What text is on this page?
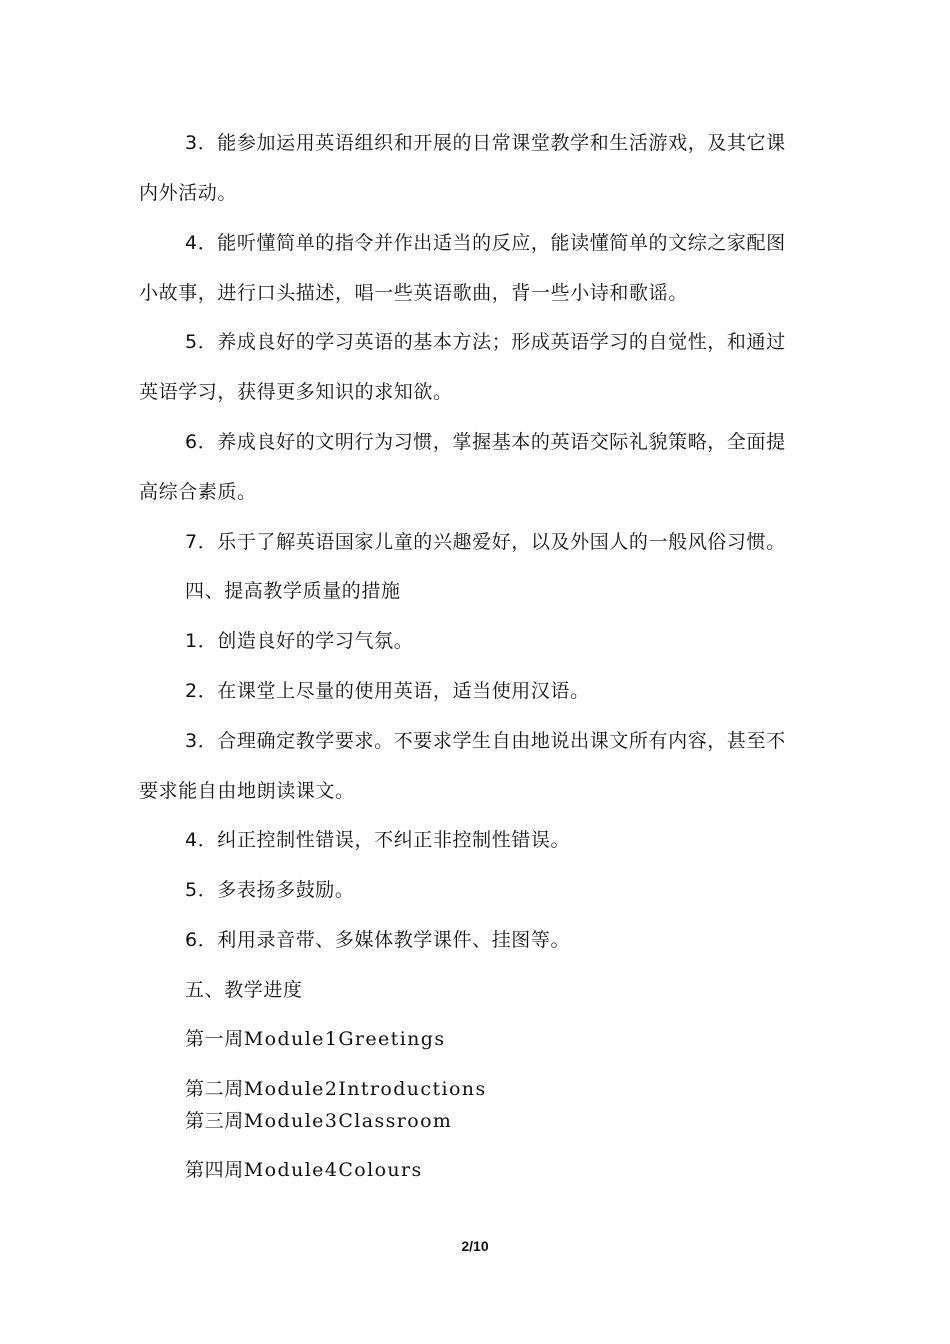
3．能参加运用英语组织和开展的日常课堂教学和生活游戏，及其它课
内外活动。
4．能听懂简单的指令并作出适当的反应，能读懂简单的文综之家配图
小故事，进行口头描述，唱一些英语歌曲，背一些小诗和歌谣。
5．养成良好的学习英语的基本方法；形成英语学习的自觉性，和通过
英语学习，获得更多知识的求知欲。
6．养成良好的文明行为习惯，掌握基本的英语交际礼貌策略，全面提
高综合素质。
7．乐于了解英语国家儿童的兴趣爱好，以及外国人的一般风俗习惯。
四、提高教学质量的措施
1．创造良好的学习气氛。
2．在课堂上尽量的使用英语，适当使用汉语。
3．合理确定教学要求。不要求学生自由地说出课文所有内容，甚至不
要求能自由地朗读课文。
4．纠正控制性错误，不纠正非控制性错误。
5．多表扬多鼓励。
6．利用录音带、多媒体教学课件、挂图等。
五、教学进度
第一周Module1Greetings
第二周Module2Introductions
第三周Module3Classroom
第四周Module4Colours
2/10
